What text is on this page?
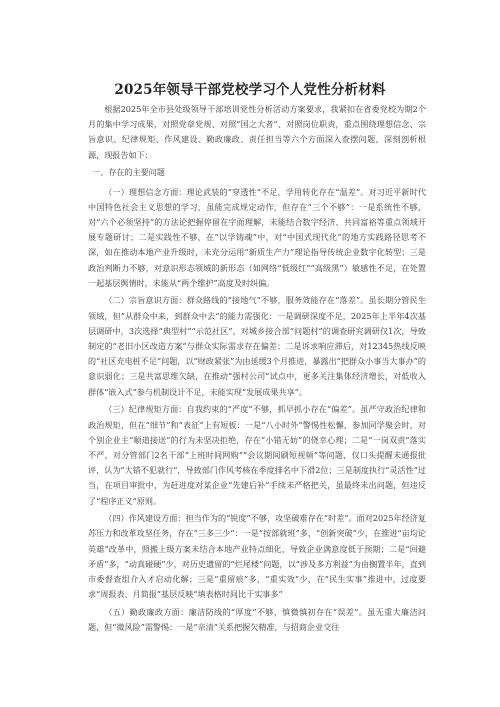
2025年领导干部党校学习个人党性分析材料

根据2025年全市县处级领导干部培训党性分析活动方案要求，我紧扣在省委党校为期2个月的集中学习成果，对照党章党规、对照“国之大者”、对照岗位职责，重点围绕理想信念、宗旨意识、纪律规矩、作风建设、勤政廉政、责任担当等六个方面深入查摆问题，深刻剖析根源，现报告如下：

一、存在的主要问题

（一）理想信念方面：理论武装的“穿透性”不足，学用转化存在“温差”。对习近平新时代中国特色社会主义思想的学习，虽能完成规定动作，但存在“三个不够”：一是系统性不够，对“六个必须坚持”的方法论把握停留在字面理解，未能结合数字经济、共同富裕等重点领域开展专题研讨；二是实践性不够，在“以学铸魂”中，对“中国式现代化”的地方实践路径思考不深，如在推动本地产业升级时，未充分运用“新质生产力”理论指导传统企业数字化转型；三是政治判断力不够，对意识形态领域的新形态（如网络“低级红”“高级黑”）敏感性不足，在处置一起基层舆情时，未能从“两个维护”高度及时纠偏。

（二）宗旨意识方面：群众路线的“接地气”不够，服务效能存在“落差”。虽长期分管民生领域，但“从群众中来，到群众中去”的能力需强化：一是调研深度不足，2025年上半年4次基层调研中，3次选择“典型村”“示范社区”，对城乡接合部“问题村”的调查研究调研仅1次，导致制定的“老旧小区改造方案”与群众实际需求存在偏差；二是诉求响应滞后，对12345热线反映的“社区充电桩不足”问题，以“财政紧张”为由延缓3个月推进，暴露出“把群众小事当大事办”的意识弱化；三是共富思维欠缺，在推动“强村公司”试点中，更多关注集体经济增长，对低收入群体“嵌入式”参与机制设计不足，未能实现“发展成果共享”。

（三）纪律规矩方面：自我约束的“严度”不够，抓早抓小存在“偏差”。虽严守政治纪律和政治规矩，但在“细节”和“表征”上有短板：一是“八小时外”警惕性松懈，参加同学聚会时，对个别企业主“顺道接送”的行为未坚决拒绝，存在“小错无妨”的侥幸心理；二是“一岗双责”落实不严，对分管部门2名干部“上班时间网购”“会议期间刷短视频”等问题，仅口头提醒未通报批评，认为“大错不犯就行”，导致部门作风考核在季度排名中下滑2位；三是制度执行“灵活性”过当，在项目审批中，为赶进度对某企业“先建后补”手续未严格把关，虽最终未出问题，但违反了“程序正义”原则。

（四）作风建设方面：担当作为的“锐度”不够，攻坚破难存在“时差”。面对2025年经济复苏压力和改革攻坚任务，存在“三多三少”：一是“按部就班”多，“创新突破”少，在推进“亩均论英雄”改革中，照搬上级方案未结合本地产业特点细化，导致企业满意度低于预期；二是“回避矛盾”多，“动真碰硬”少，对历史遗留的“烂尾楼”问题，以“涉及多方利益”为由搁置半年，直到市委督查组介入才启动化解；三是“重留痕”多，“重实效”少，在“民生实事”推进中，过度要求“周报表、月简报”基层反映“填表格时间比干实事多”

（五）勤政廉政方面：廉洁防线的“厚度”不够，慎微慎初存在“误差”。虽无重大廉洁问题，但“微风险”需警惕：一是“亲清”关系把握欠精准，与招商企业交往
